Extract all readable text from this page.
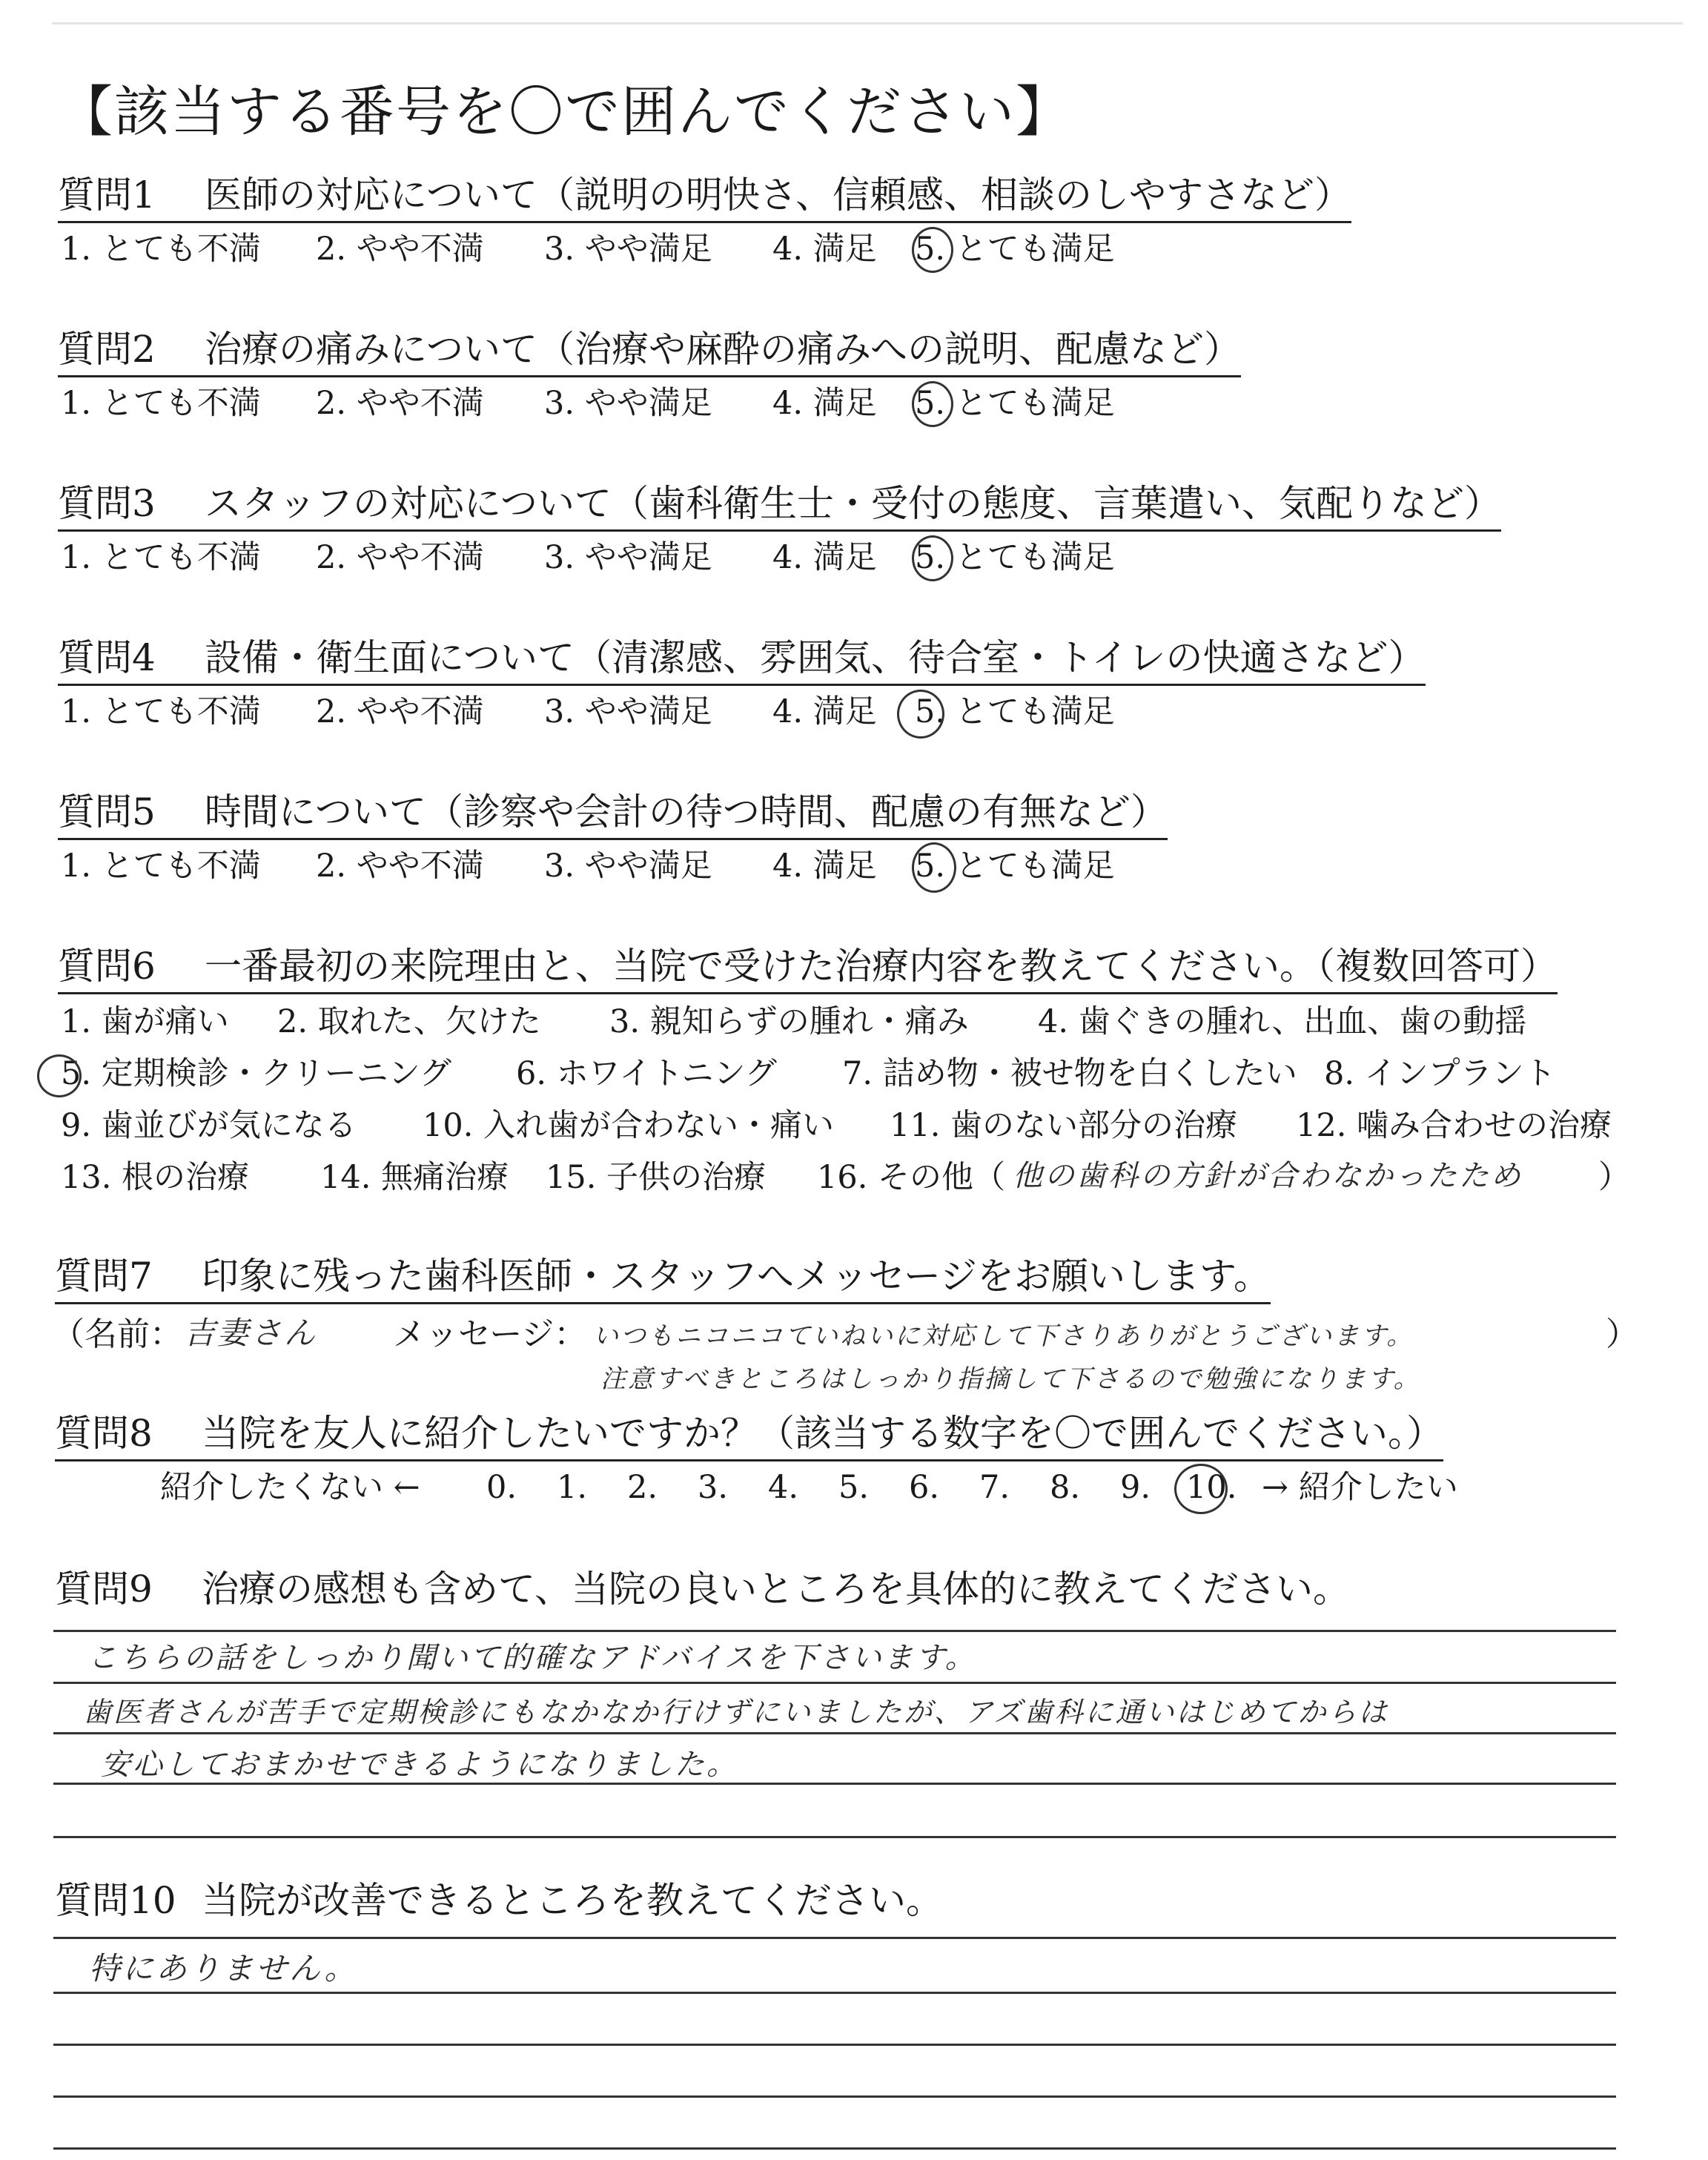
【該当する番号を〇で囲んでください】
質問1 医師の対応について（説明の明快さ、信頼感、相談のしやすさなど）
1. とても不満 2. やや不満 3. やや満足 4. 満足 5. とても満足
質問2 治療の痛みについて（治療や麻酔の痛みへの説明、配慮など）
1. とても不満 2. やや不満 3. やや満足 4. 満足 5. とても満足
質問3 スタッフの対応について（歯科衛生士・受付の態度、言葉遣い、気配りなど）
1. とても不満 2. やや不満 3. やや満足 4. 満足 5. とても満足
質問4 設備・衛生面について（清潔感、雰囲気、待合室・トイレの快適さなど）
1. とても不満 2. やや不満 3. やや満足 4. 満足 5. とても満足
質問5 時間について（診察や会計の待つ時間、配慮の有無など）
1. とても不満 2. やや不満 3. やや満足 4. 満足 5. とても満足
質問6 一番最初の来院理由と、当院で受けた治療内容を教えてください。（複数回答可）
1. 歯が痛い 2. 取れた、欠けた 3. 親知らずの腫れ・痛み 4. 歯ぐきの腫れ、出血、歯の動揺
5. 定期検診・クリーニング 6. ホワイトニング 7. 詰め物・被せ物を白くしたい 8. インプラント
9. 歯並びが気になる 10. 入れ歯が合わない・痛い 11. 歯のない部分の治療 12. 噛み合わせの治療
13. 根の治療 14. 無痛治療 15. 子供の治療 16. その他（ 他の歯科の方針が合わなかったため ）
質問7 印象に残った歯科医師・スタッフへメッセージをお願いします。
（名前： 吉妻さん メッセージ： いつもニコニコていねいに対応して下さりありがとうございます。
注意すべきところはしっかり指摘して下さるので勉強になります。
）
質問8 当院を友人に紹介したいですか？（該当する数字を〇で囲んでください。）
紹介したくない ← 0. 1. 2. 3. 4. 5. 6. 7. 8. 9. 10. → 紹介したい
質問9 治療の感想も含めて、当院の良いところを具体的に教えてください。
こちらの話をしっかり聞いて的確なアドバイスを下さいます。
歯医者さんが苦手で定期検診にもなかなか行けずにいましたが、アズ歯科に通いはじめてからは
安心しておまかせできるようになりました。
質問10 当院が改善できるところを教えてください。
特にありません。
